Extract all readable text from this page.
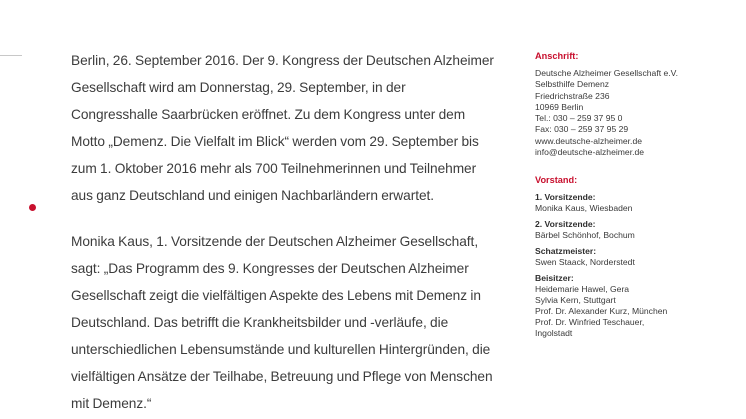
Berlin, 26. September 2016. Der 9. Kongress der Deutschen Alzheimer Gesellschaft wird am Donnerstag, 29. September, in der Congresshalle Saarbrücken eröffnet. Zu dem Kongress unter dem Motto „Demenz. Die Vielfalt im Blick“ werden vom 29. September bis zum 1. Oktober 2016 mehr als 700 Teilnehmerinnen und Teilnehmer aus ganz Deutschland und einigen Nachbarländern erwartet.

Monika Kaus, 1. Vorsitzende der Deutschen Alzheimer Gesellschaft, sagt: „Das Programm des 9. Kongresses der Deutschen Alzheimer Gesellschaft zeigt die vielfältigen Aspekte des Lebens mit Demenz in Deutschland. Das betrifft die Krankheitsbilder und -verläufe, die unterschiedlichen Lebensumstände und kulturellen Hintergründen, die vielfältigen Ansätze der Teilhabe, Betreuung und Pflege von Menschen mit Demenz.“

Anschrift:
Deutsche Alzheimer Gesellschaft e.V.
Selbsthilfe Demenz
Friedrichstraße 236
10969 Berlin
Tel.: 030 – 259 37 95 0
Fax: 030 – 259 37 95 29
www.deutsche-alzheimer.de
info@deutsche-alzheimer.de
Vorstand:
1. Vorsitzende:
Monika Kaus, Wiesbaden
2. Vorsitzende:
Bärbel Schönhof, Bochum
Schatzmeister:
Swen Staack, Norderstedt
Beisitzer:
Heidemarie Hawel, Gera
Sylvia Kern, Stuttgart
Prof. Dr. Alexander Kurz, München
Prof. Dr. Winfried Teschauer,
Ingolstadt
